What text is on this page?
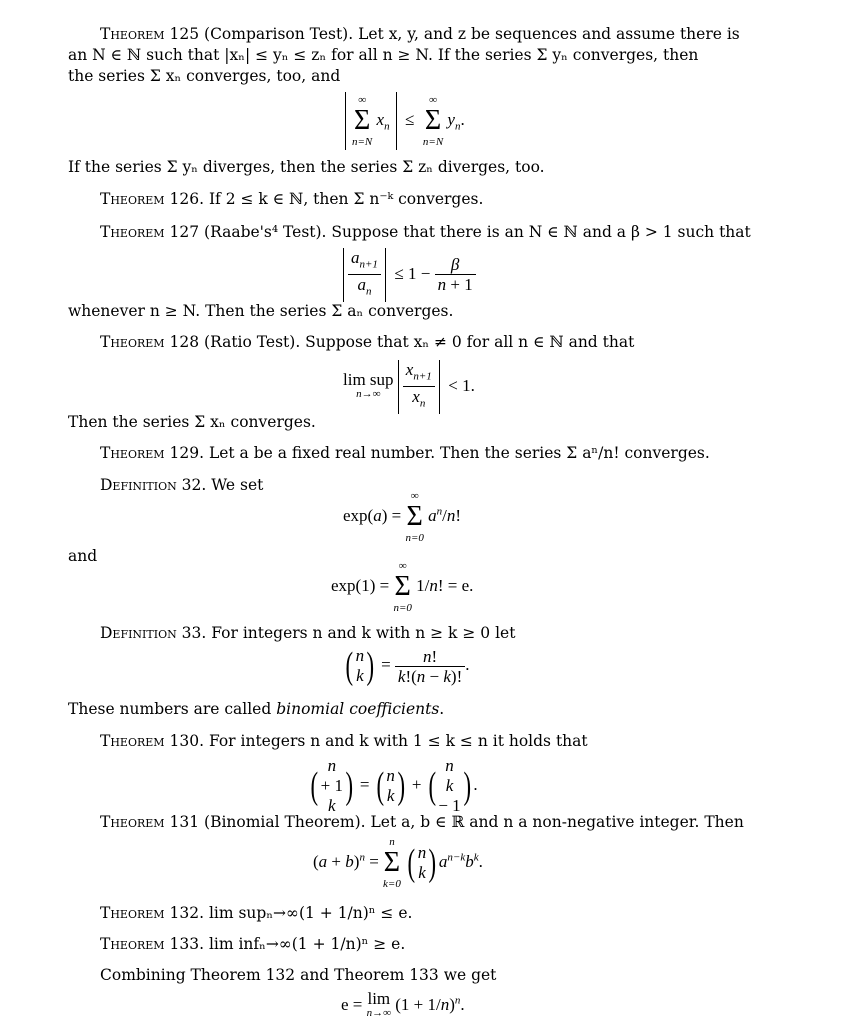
Theorem 125 (Comparison Test). Let x, y, and z be sequences and assume there is
an N ∈ ℕ such that |xₙ| ≤ yₙ ≤ zₙ for all n ≥ N. If the series Σ yₙ converges, then
the series Σ xₙ converges, too, and
∞
Σ
n=N
$x_n$  ≤
∞
Σ
n=N
$y_n$.
If the series Σ yₙ diverges, then the series Σ zₙ diverges, too.
Theorem 126. If 2 ≤ k ∈ ℕ, then Σ n⁻ᵏ converges.
Theorem 127 (Raabe's⁴ Test). Suppose that there is an N ∈ ℕ and a β > 1 such that
$\frac{a_{n+1}}{a_n} \le 1 - \frac{\beta}{n + 1}$
whenever n ≥ N. Then the series Σ aₙ converges.
Theorem 128 (Ratio Test). Suppose that xₙ ≠ 0 for all n ∈ ℕ and that
lim sup
n→∞
	$\frac{x_{n+1}}{x_n} < 1$.
Then the series Σ xₙ converges.
Theorem 129. Let a be a fixed real number. Then the series Σ aⁿ/n! converges.
Definition 32. We set
exp(a) =
∞
Σ
n=0
$a^n/n$!
and
exp(1) =
∞
Σ
n=0
1/n! = e.
Definition 33. For integers n and k with n ≥ k ≥ 0 let
( n
k ) = $\frac{n!}{k!(n - k)!}$ .
These numbers are called binomial coefficients.
Theorem 130. For integers n and k with 1 ≤ k ≤ n it holds that
( n
+ 1
k ) = ( n
k ) + ( n
k
− 1 ) .
Theorem 131 (Binomial Theorem). Let a, b ∈ ℝ and n a non-negative integer. Then
$(a + b)^n$ =
n
Σ
k=0 ( n
k ) $a^{n-k}b^k$.
Theorem 132. lim supₙ→∞(1 + 1/n)ⁿ ≤ e.
Theorem 133. lim infₙ→∞(1 + 1/n)ⁿ ≥ e.
Combining Theorem 132 and Theorem 133 we get
e = lim
n→∞ $(1 + 1/n)^n$.
